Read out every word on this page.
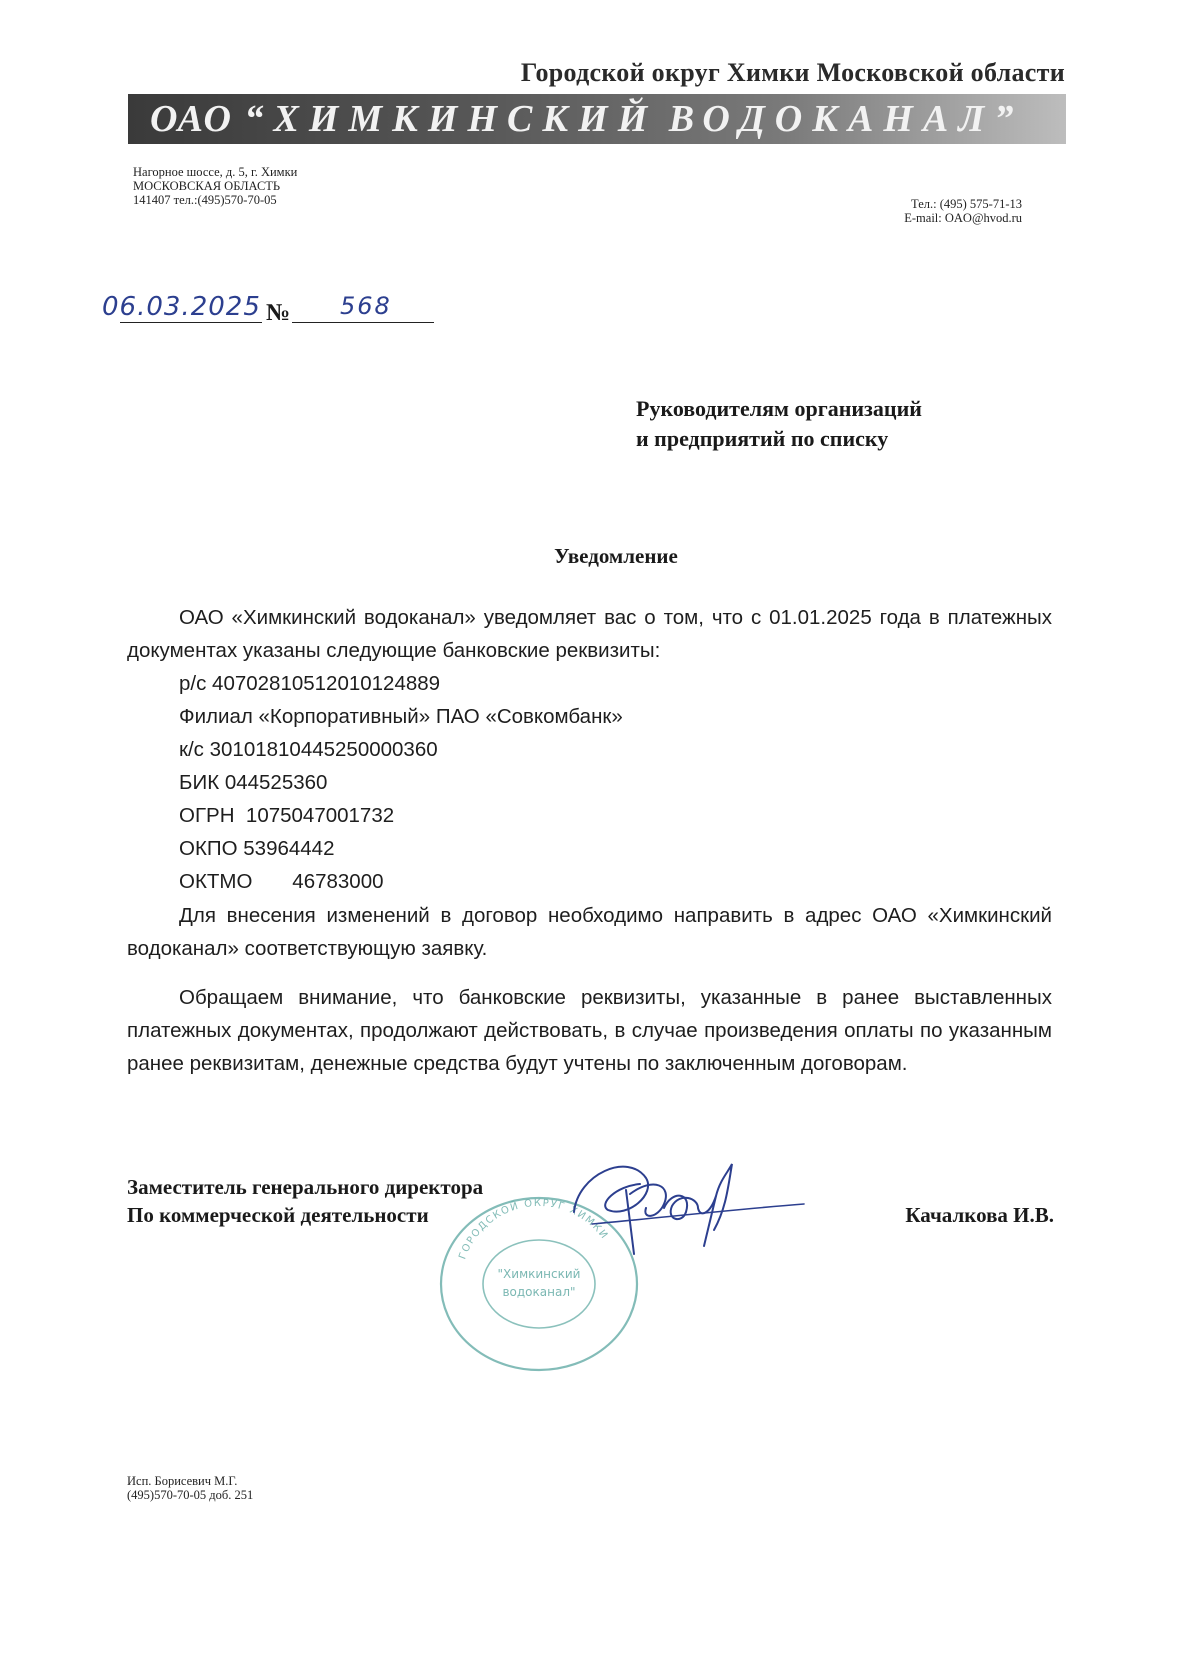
Городской округ Химки Московской области
ОАО “ХИМКИНСКИЙ ВОДОКАНАЛ”
Нагорное шоссе, д. 5, г. Химки
МОСКОВСКАЯ ОБЛАСТЬ
141407 тел.:(495)570-70-05	Тел.: (495) 575-71-13
E-mail: OAO@hvod.ru
06.03.2025 № 568
Руководителям организаций
и предприятий по списку
Уведомление
ОАО «Химкинский водоканал» уведомляет вас о том, что с 01.01.2025 года в платежных документах указаны следующие банковские реквизиты:
р/с 40702810512010124889
Филиал «Корпоративный» ПАО «Совкомбанк»
к/с 30101810445250000360
БИК 044525360
ОГРН  1075047001732
ОКПО 53964442
ОКТМО       46783000
Для внесения изменений в договор необходимо направить в адрес ОАО «Химкинский водоканал» соответствующую заявку.
Обращаем внимание, что банковские реквизиты, указанные в ранее выставленных платежных документах, продолжают действовать, в случае произведения оплаты по указанным ранее реквизитам, денежные средства будут учтены по заключенным договорам.
ГОРОДСКОЙ ОКРУГ ХИМКИ
"Химкинский
водоканал"
Заместитель генерального директора
По коммерческой деятельности	Качалкова И.В.
Исп. Борисевич М.Г.
(495)570-70-05 доб. 251
